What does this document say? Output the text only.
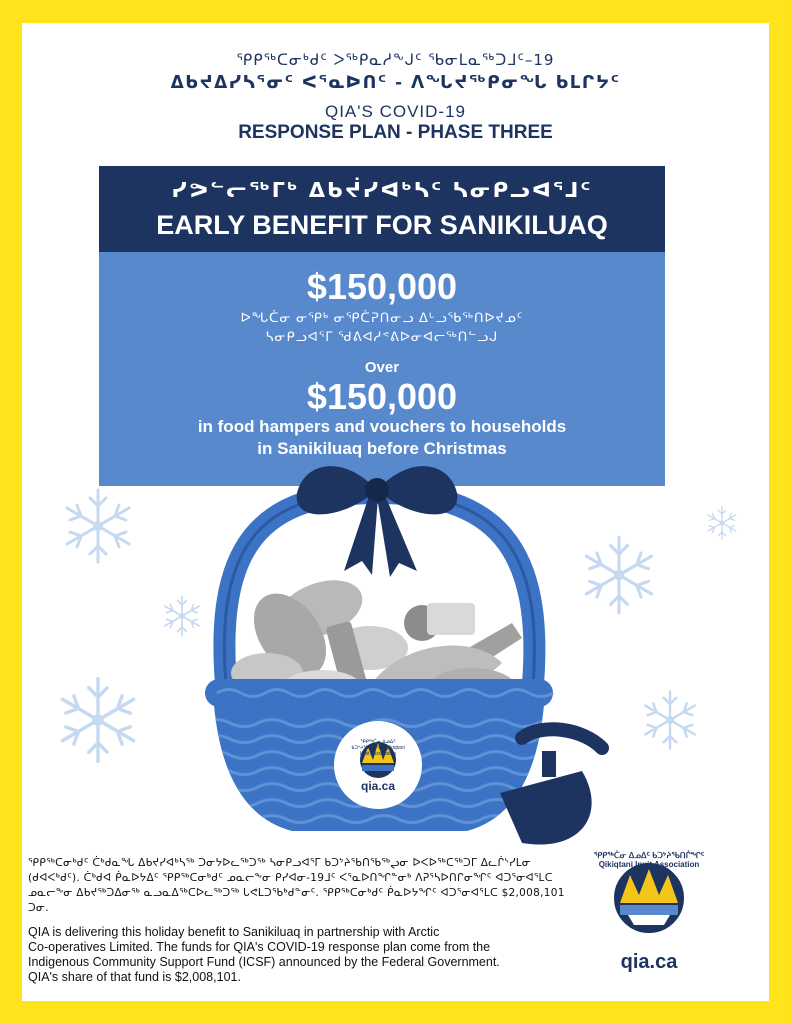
ᕿᑭᖅᑕᓂᒃᑯᑦ ᐳᖅᑭᓇᓱᖕᒍᑦ ᖃᓂᒪᓇᖅᑐᒧᑦ–19
ᐃᑲᔪᐃᓯᓴᕐᓂᑦ ᐸᕐᓇᐅᑎᑦ - ᐱᖓᔪᖅᑭᓂᖓ ᑲᒪᒋᔭᑦ
QIA'S COVID-19
RESPONSE PLAN - PHASE THREE
ᓯᕗᓪᓕᖅᒥᒃ ᐃᑲᔫᓯᐊᒃᓴᑦ ᓴᓂᑭᓗᐊᕐᒧᑦ
EARLY BENEFIT FOR SANIKILUAQ
$150,000
ᐅᖓᑖᓂ ᓂᕿᒃ ᓂᕿᑖᕈᑎᓂᓗ ᐃᒡᓗᖃᖅᑎᐅᔪᓄᑦ
ᓴᓂᑭᓗᐊᕐᒥ ᖁᕕᐊᓱᕝᕕᐅᓂᐊᓕᖅᑎᓪᓗᒍ
Over
$150,000
in food hampers and vouchers to households
in Sanikiluaq before Christmas
ᕿᑭᖅᑖᓂ ᐃᓄᐃᑦ ᑲᑐᔾᔨᖃᑎᒌᖏᑦ Qikiqtani Inuit Association
qia.ca
ᕿᑭᖅᑕᓂᒃᑯᑦ ᑖᒃᑯᓇᖓ ᐃᑲᔪᓯᐊᒃᓴᖅ ᑐᓂᔭᐅᓚᖅᑐᖅ ᓴᓂᑭᓗᐊᕐᒥ ᑲᑐᔾᔨᖃᑎᖃᖅᖢᓂ ᐅᐸᐅᖅᑕᖅᑐᒥ ᐃᓚᒌᔅᓯᒪᓂ (ᑯᐊᐸᒃᑯᑦ). ᑖᒃᑯᐊ ᑮᓇᐅᔭᐃᑦ ᕿᑭᖅᑕᓂᒃᑯᑦ ᓄᓇᓕᖕᓂ ᑭᓯᐊᓂ-19ᒧᑦ ᐸᕐᓇᐅᑎᖏᓐᓂᒃ ᐱᕈᕐᓴᐅᑎᒋᓂᖏᑦ ᐊᑐᕐᓂᐊᕐᒪᑕ ᓄᓇᓕᖕᓂ ᐃᑲᔪᖅᑐᐃᓂᖅ ᓇᓗᓇᐃᖅᑕᐅᓚᖅᑐᖅ ᒐᕙᒪᑐᖃᒃᑯᓐᓂᑦ. ᕿᑭᖅᑕᓂᒃᑯᑦ ᑮᓇᐅᔭᖏᑦ ᐊᑐᕐᓂᐊᕐᒪᑕ $2,008,101 ᑐᓂ.
QIA is delivering this holiday benefit to Sanikiluaq in partnership with Arctic
Co-operatives Limited. The funds for QIA's COVID-19 response plan come from the
Indigenous Community Support Fund (ICSF) announced by the Federal Government.
QIA's share of that fund is $2,008,101.
ᕿᑭᖅᑖᓂ ᐃᓄᐃᑦ ᑲᑐᔾᔨᖃᑎᒌᖏᑦ Qikiqtani Inuit Association
qia.ca
